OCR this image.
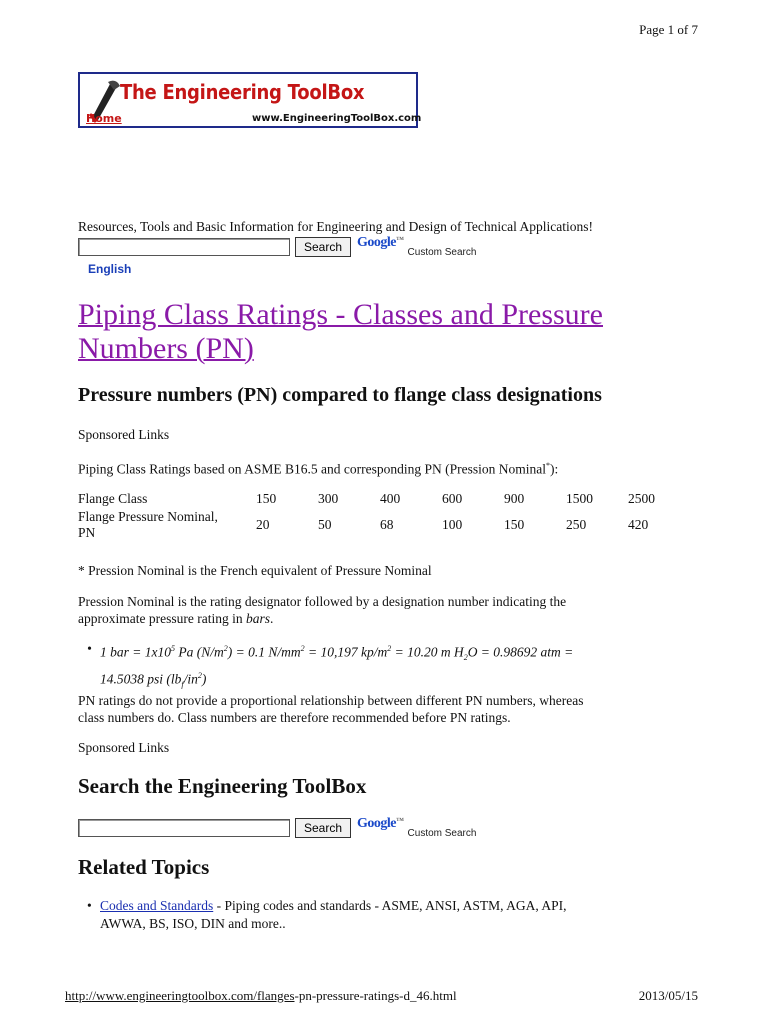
Page 1 of 7
The Engineering ToolBox
Home	www.EngineeringToolBox.com
Resources, Tools and Basic Information for Engineering and Design of Technical Applications!
Search	Google™
Custom Search
English
Piping Class Ratings - Classes and Pressure
Numbers (PN)
Pressure numbers (PN) compared to flange class designations
Sponsored Links
Piping Class Ratings based on ASME B16.5 and corresponding PN (Pression Nominal*):
Flange Class	150	300	400	600	900	1500	2500
Flange Pressure Nominal,
PN	20	50	68	100	150	250	420
* Pression Nominal is the French equivalent of Pressure Nominal
Pression Nominal is the rating designator followed by a designation number indicating the
approximate pressure rating in bars.
• 1 bar = $1x10^5$ Pa $(N/m^2) = 0.1$ $N/mm^2 = 10,197$ $kp/m^2 = 10.20$ m $H_2O = 0.98692$ atm =
14.5038 psi $(lb_f/in^2)$
PN ratings do not provide a proportional relationship between different PN numbers, whereas
class numbers do. Class numbers are therefore recommended before PN ratings.
Sponsored Links
Search the Engineering ToolBox
Search	Google™
Custom Search
Related Topics
• Codes and Standards - Piping codes and standards - ASME, ANSI, ASTM, AGA, API,
AWWA, BS, ISO, DIN and more..
http://www.engineeringtoolbox.com/flanges-pn-pressure-ratings-d_46.html	2013/05/15
